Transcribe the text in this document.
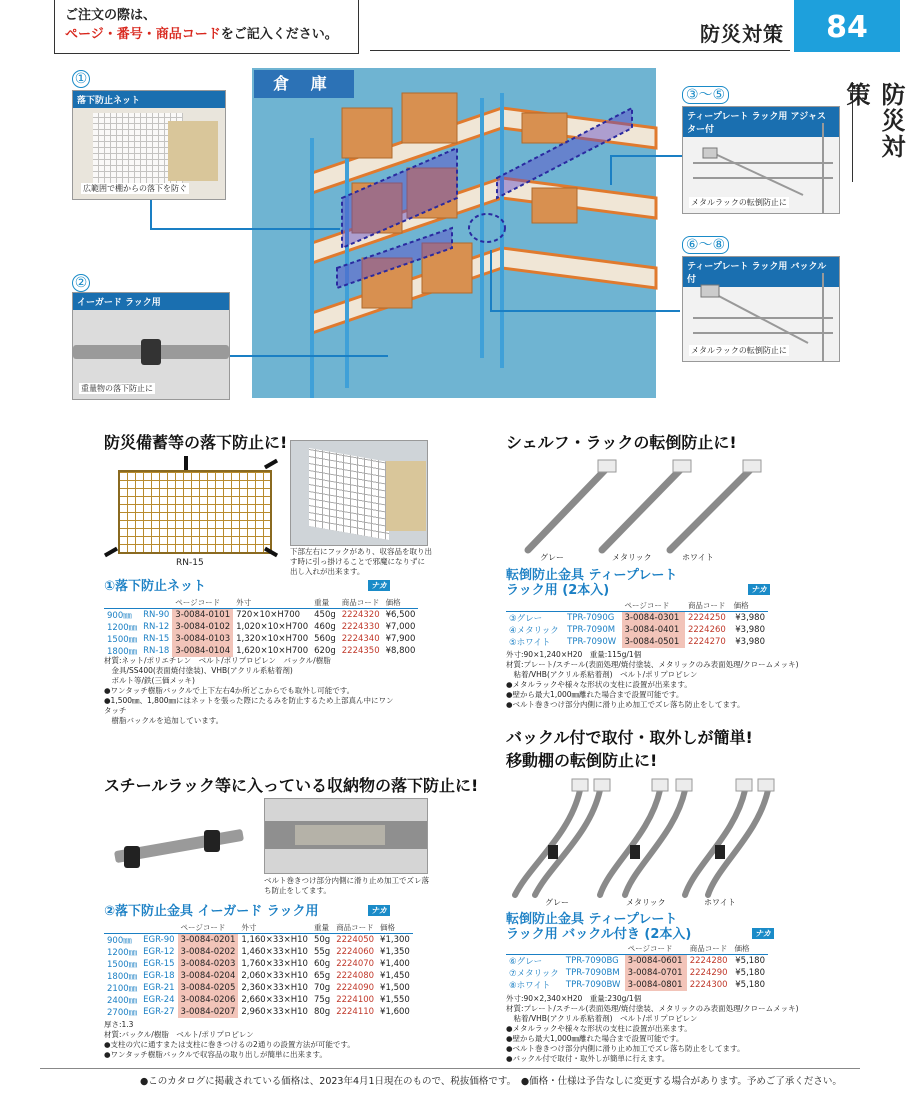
ご注文の際は、
ページ・番号・商品コードをご記入ください。	防災対策	84
防災対策
倉 庫
①
落下防止ネット
広範囲で棚からの落下を防ぐ
②
イーガード ラック用
重量物の落下防止に
③〜⑤
ティープレート ラック用 アジャスター付
メタルラックの転倒防止に
⑥〜⑧
ティープレート ラック用 バックル付
メタルラックの転倒防止に
防災備蓄等の落下防止に!
RN-15
下部左右にフックがあり、収容品を取り出す時に引っ掛けることで邪魔になりずに出し入れが出来ます。
①落下防止ネット	ナカ
		ページコード	外寸	重量	商品コード	価格
900㎜	RN-90	3-0084-0101	720×10×H700	450g	2224320	¥6,500
1200㎜	RN-12	3-0084-0102	1,020×10×H700	460g	2224330	¥7,000
1500㎜	RN-15	3-0084-0103	1,320×10×H700	560g	2224340	¥7,900
1800㎜	RN-18	3-0084-0104	1,620×10×H700	620g	2224350	¥8,800
材質:ネット/ポリエチレン　ベルト/ポリプロピレン　バックル/樹脂
　金具/SS400(表面焼付塗装)、VHB(アクリル系粘着剤)
　ボルト等/鉄(三価メッキ)
●ワンタッチ樹脂バックルで上下左右4か所どこからでも取外し可能です。
●1,500㎜、1,800㎜にはネットを張った際にたるみを防止するため上部真ん中にワンタッチ
　樹脂バックルを追加しています。
スチールラック等に入っている収納物の落下防止に!
ベルト巻きつけ部分内側に滑り止め加工でズレ落ち防止をしてます。
②落下防止金具 イーガード ラック用	ナカ
		ページコード	外寸	重量	商品コード	価格
900㎜	EGR-90	3-0084-0201	1,160×33×H10	50g	2224050	¥1,300
1200㎜	EGR-12	3-0084-0202	1,460×33×H10	55g	2224060	¥1,350
1500㎜	EGR-15	3-0084-0203	1,760×33×H10	60g	2224070	¥1,400
1800㎜	EGR-18	3-0084-0204	2,060×33×H10	65g	2224080	¥1,450
2100㎜	EGR-21	3-0084-0205	2,360×33×H10	70g	2224090	¥1,500
2400㎜	EGR-24	3-0084-0206	2,660×33×H10	75g	2224100	¥1,550
2700㎜	EGR-27	3-0084-0207	2,960×33×H10	80g	2224110	¥1,600
厚さ:1.3
材質:バックル/樹脂　ベルト/ポリプロピレン
●支柱の穴に通すまたは支柱に巻きつけるの2通りの設置方法が可能です。
●ワンタッチ樹脂バックルで収容品の取り出しが簡単に出来ます。
シェルフ・ラックの転倒防止に!
グレー	メタリック	ホワイト
転倒防止金具 ティープレート
ラック用 (2本入)	ナカ
		ページコード	商品コード	価格
③グレー	TPR-7090G	3-0084-0301	2224250	¥3,980
④メタリック	TPR-7090M	3-0084-0401	2224260	¥3,980
⑤ホワイト	TPR-7090W	3-0084-0501	2224270	¥3,980
外寸:90×1,240×H20　重量:115g/1個
材質:プレート/スチール(表面処理/焼付塗装、メタリックのみ表面処理/クロームメッキ)
　粘着/VHB(アクリル系粘着剤)　ベルト/ポリプロピレン
●メタルラックや様々な形状の支柱に設置が出来ます。
●壁から最大1,000㎜離れた場合まで設置可能です。
●ベルト巻きつけ部分内側に滑り止め加工でズレ落ち防止をしてます。
バックル付で取付・取外しが簡単!
移動棚の転倒防止に!
グレー	メタリック	ホワイト
転倒防止金具 ティープレート
ラック用 バックル付き (2本入)	ナカ
		ページコード	商品コード	価格
⑥グレー	TPR-7090BG	3-0084-0601	2224280	¥5,180
⑦メタリック	TPR-7090BM	3-0084-0701	2224290	¥5,180
⑧ホワイト	TPR-7090BW	3-0084-0801	2224300	¥5,180
外寸:90×2,340×H20　重量:230g/1個
材質:プレート/スチール(表面処理/焼付塗装、メタリックのみ表面処理/クロームメッキ)
　粘着/VHB(アクリル系粘着剤)　ベルト/ポリプロピレン
●メタルラックや様々な形状の支柱に設置が出来ます。
●壁から最大1,000㎜離れた場合まで設置可能です。
●ベルト巻きつけ部分内側に滑り止め加工でズレ落ち防止をしてます。
●バックル付で取付・取外しが簡単に行えます。
●このカタログに掲載されている価格は、2023年4月1日現在のもので、税抜価格です。　●価格・仕様は予告なしに変更する場合があります。予めご了承ください。
